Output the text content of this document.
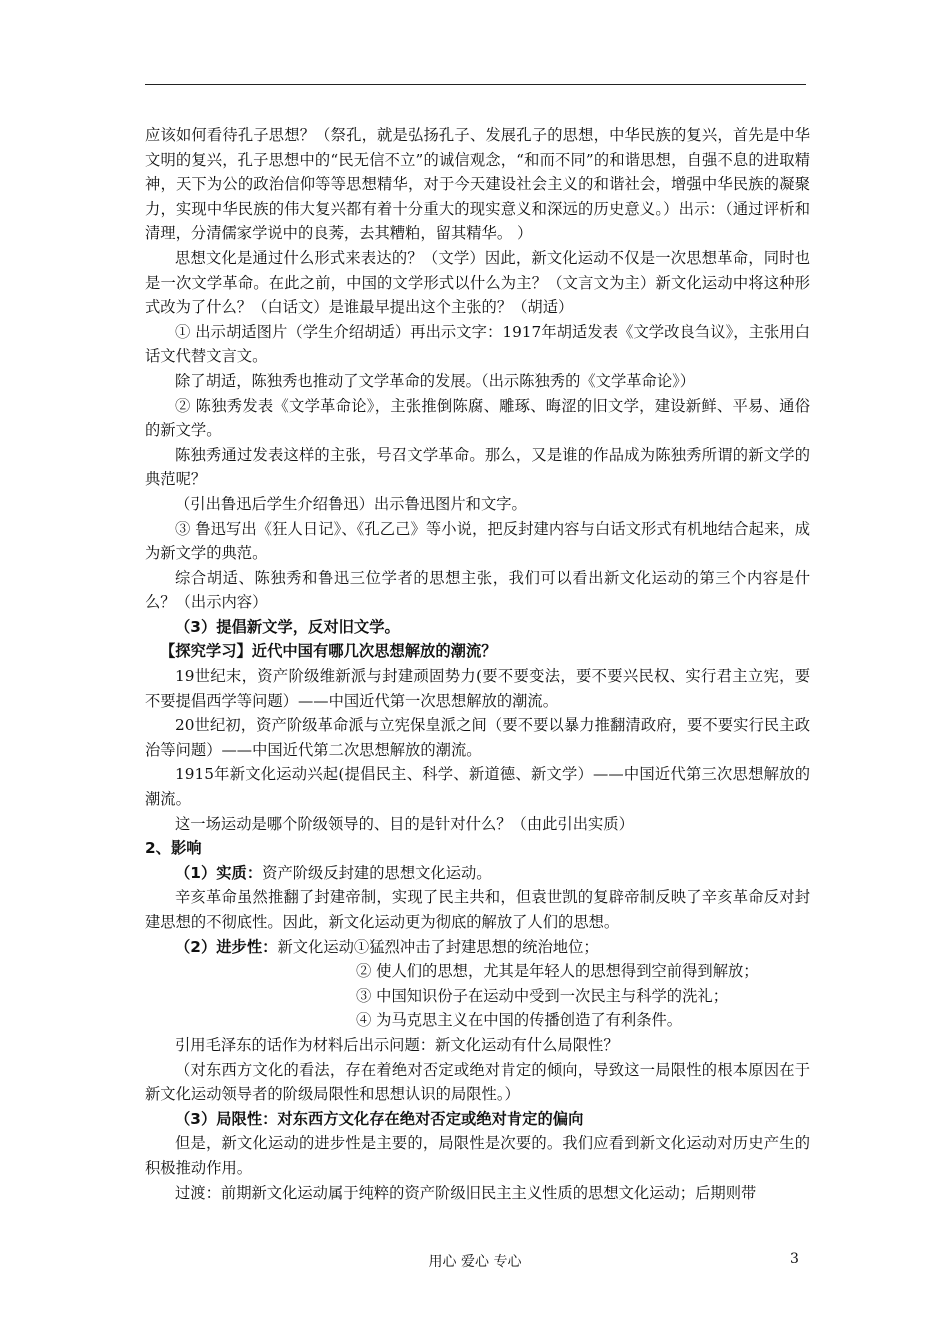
应该如何看待孔子思想？（祭孔，就是弘扬孔子、发展孔子的思想，中华民族的复兴，首先是中华文明的复兴，孔子思想中的“民无信不立”的诚信观念，“和而不同”的和谐思想，自强不息的进取精神，天下为公的政治信仰等等思想精华，对于今天建设社会主义的和谐社会，增强中华民族的凝聚力，实现中华民族的伟大复兴都有着十分重大的现实意义和深远的历史意义。）出示：（通过评析和清理，分清儒家学说中的良莠，去其糟粕，留其精华。 ）

思想文化是通过什么形式来表达的？（文学）因此，新文化运动不仅是一次思想革命，同时也是一次文学革命。在此之前，中国的文学形式以什么为主？（文言文为主）新文化运动中将这种形式改为了什么？（白话文）是谁最早提出这个主张的？（胡适）

① 出示胡适图片（学生介绍胡适）再出示文字：1917年胡适发表《文学改良刍议》，主张用白话文代替文言文。

除了胡适，陈独秀也推动了文学革命的发展。（出示陈独秀的《文学革命论》）

② 陈独秀发表《文学革命论》，主张推倒陈腐、雕琢、晦涩的旧文学，建设新鲜、平易、通俗的新文学。

陈独秀通过发表这样的主张，号召文学革命。那么，又是谁的作品成为陈独秀所谓的新文学的典范呢？

（引出鲁迅后学生介绍鲁迅）出示鲁迅图片和文字。

③ 鲁迅写出《狂人日记》、《孔乙己》等小说，把反封建内容与白话文形式有机地结合起来，成为新文学的典范。

综合胡适、陈独秀和鲁迅三位学者的思想主张，我们可以看出新文化运动的第三个内容是什么？（出示内容）

（3）提倡新文学，反对旧文学。

【探究学习】近代中国有哪几次思想解放的潮流？

19世纪末，资产阶级维新派与封建顽固势力(要不要变法，要不要兴民权、实行君主立宪，要不要提倡西学等问题）——中国近代第一次思想解放的潮流。

20世纪初，资产阶级革命派与立宪保皇派之间（要不要以暴力推翻清政府，要不要实行民主政治等问题）——中国近代第二次思想解放的潮流。

1915年新文化运动兴起(提倡民主、科学、新道德、新文学）——中国近代第三次思想解放的潮流。

这一场运动是哪个阶级领导的、目的是针对什么？（由此引出实质）

2、影响

（1）实质：资产阶级反封建的思想文化运动。

辛亥革命虽然推翻了封建帝制，实现了民主共和，但袁世凯的复辟帝制反映了辛亥革命反对封建思想的不彻底性。因此，新文化运动更为彻底的解放了人们的思想。

（2）进步性：新文化运动①猛烈冲击了封建思想的统治地位；

② 使人们的思想，尤其是年轻人的思想得到空前得到解放；

③ 中国知识份子在运动中受到一次民主与科学的洗礼；

④ 为马克思主义在中国的传播创造了有利条件。

引用毛泽东的话作为材料后出示问题：新文化运动有什么局限性？

（对东西方文化的看法，存在着绝对否定或绝对肯定的倾向，导致这一局限性的根本原因在于新文化运动领导者的阶级局限性和思想认识的局限性。）

（3）局限性：对东西方文化存在绝对否定或绝对肯定的偏向

但是，新文化运动的进步性是主要的，局限性是次要的。我们应看到新文化运动对历史产生的积极推动作用。

过渡：前期新文化运动属于纯粹的资产阶级旧民主主义性质的思想文化运动；后期则带

用心 爱心 专心	3
